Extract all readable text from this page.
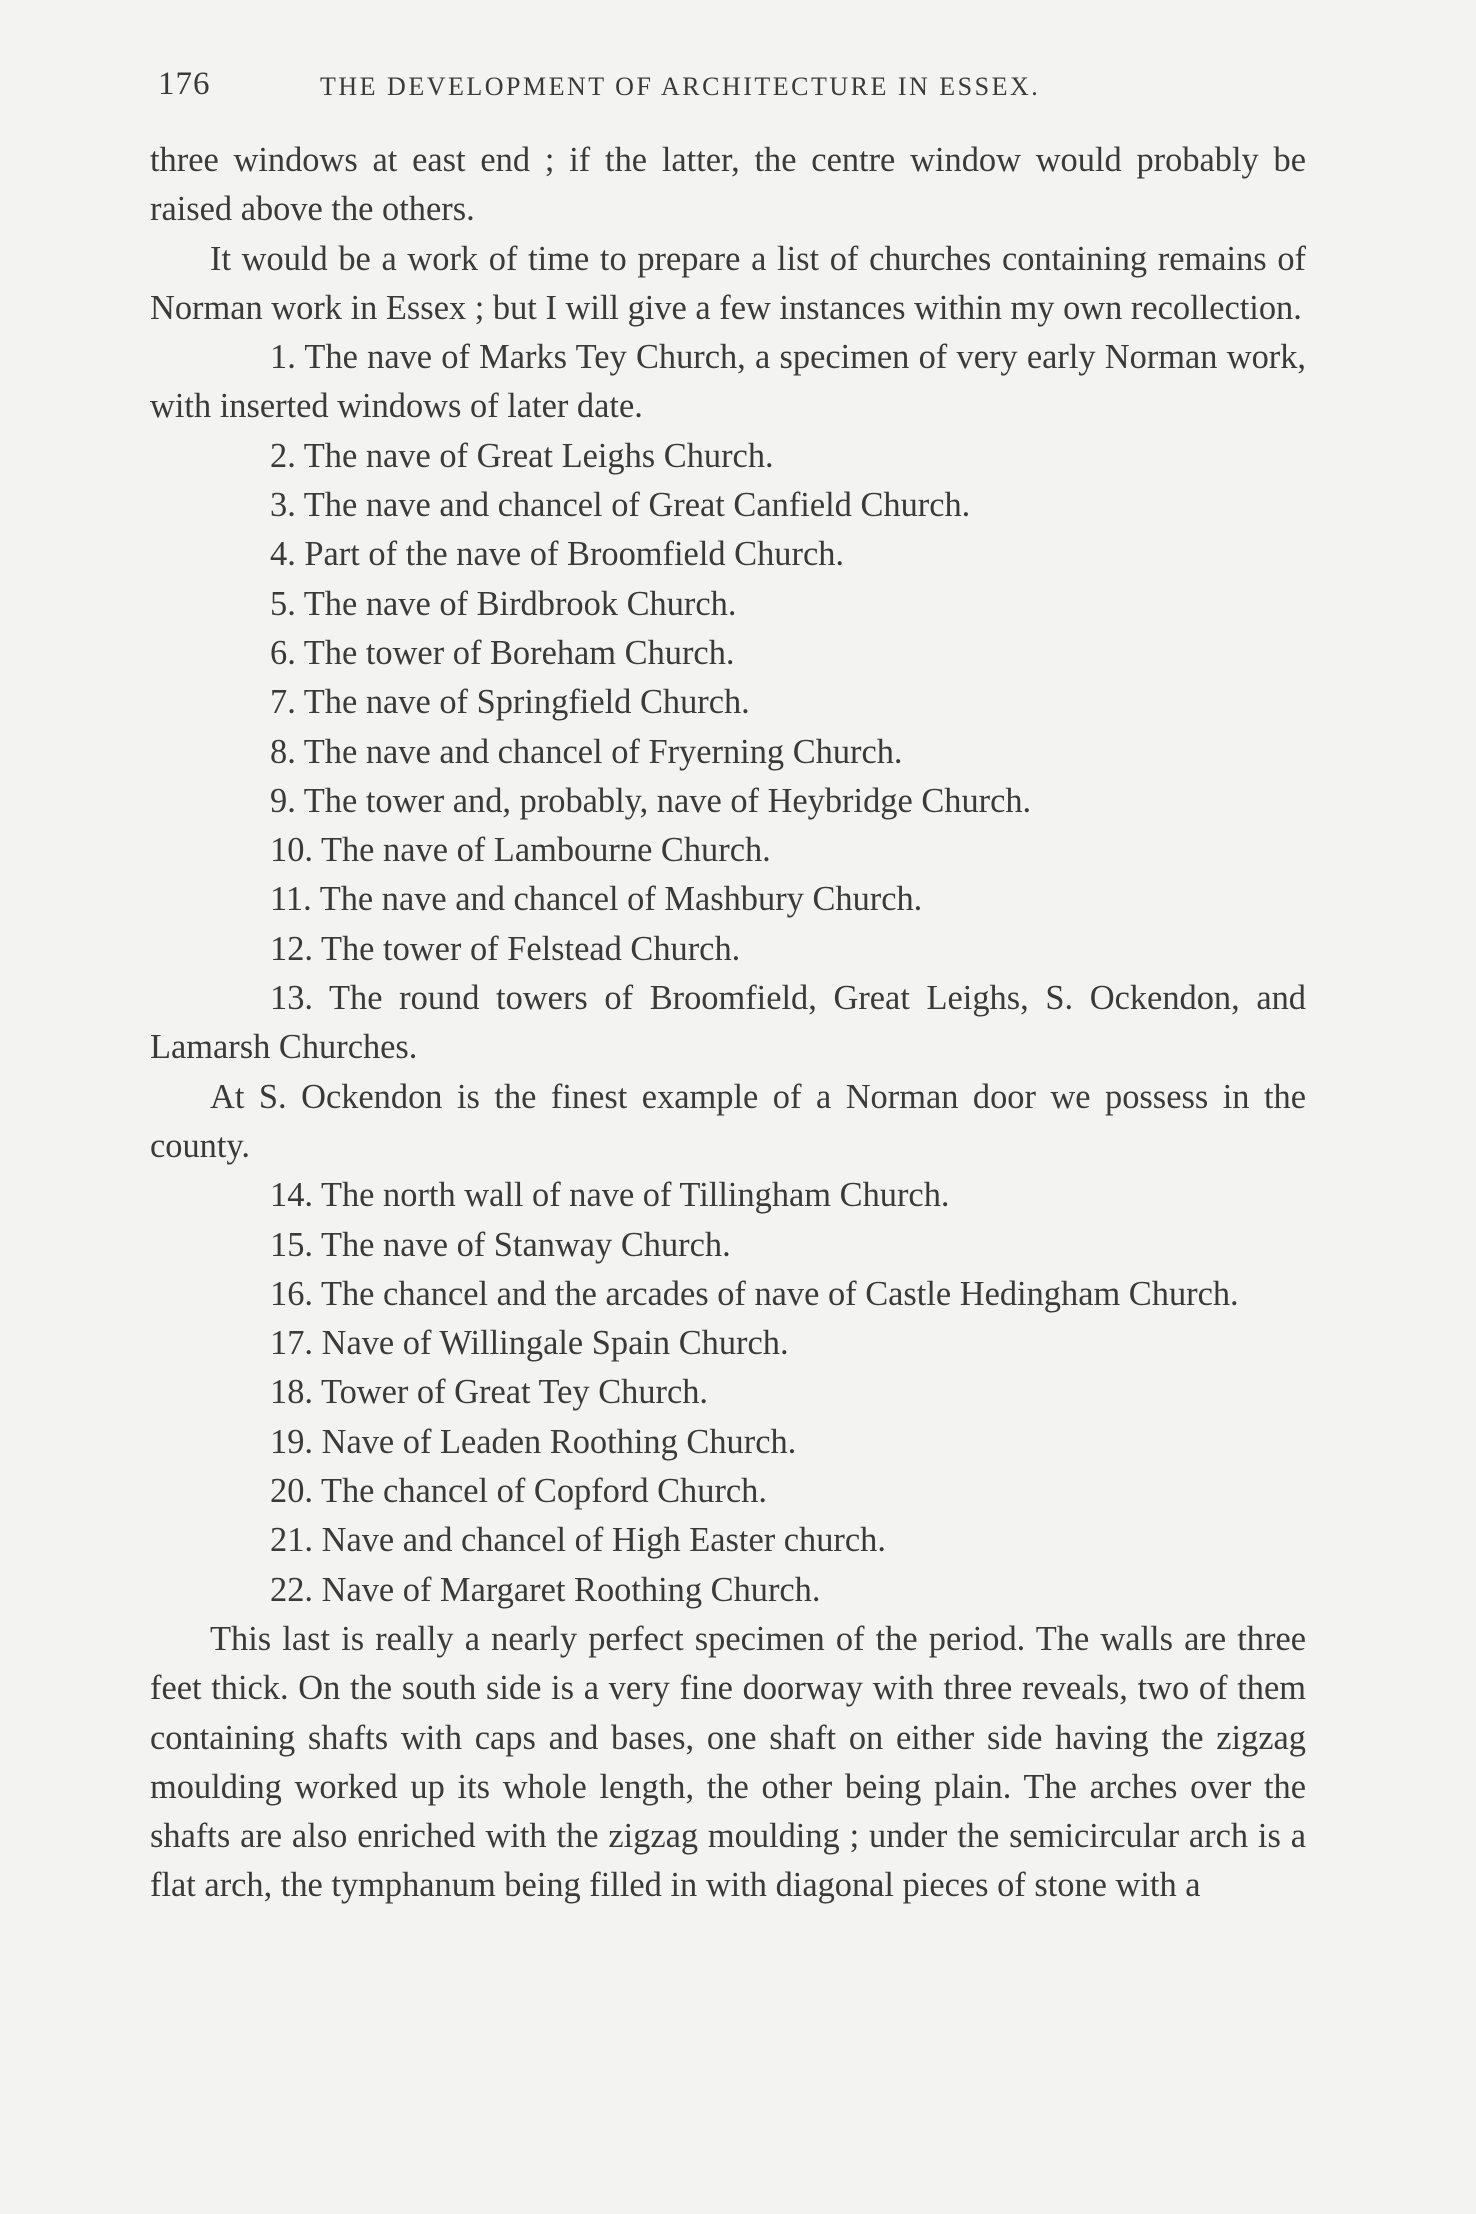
176	THE DEVELOPMENT OF ARCHITECTURE IN ESSEX.

three windows at east end ; if the latter, the centre window would probably be raised above the others.

It would be a work of time to prepare a list of churches containing remains of Norman work in Essex ; but I will give a few instances within my own recollection.

1. The nave of Marks Tey Church, a specimen of very early Norman work, with inserted windows of later date.

2. The nave of Great Leighs Church.

3. The nave and chancel of Great Canfield Church.

4. Part of the nave of Broomfield Church.

5. The nave of Birdbrook Church.

6. The tower of Boreham Church.

7. The nave of Springfield Church.

8. The nave and chancel of Fryerning Church.

9. The tower and, probably, nave of Heybridge Church.

10. The nave of Lambourne Church.

11. The nave and chancel of Mashbury Church.

12. The tower of Felstead Church.

13. The round towers of Broomfield, Great Leighs, S. Ockendon, and Lamarsh Churches.

At S. Ockendon is the finest example of a Norman door we possess in the county.

14. The north wall of nave of Tillingham Church.

15. The nave of Stanway Church.

16. The chancel and the arcades of nave of Castle Hedingham Church.

17. Nave of Willingale Spain Church.

18. Tower of Great Tey Church.

19. Nave of Leaden Roothing Church.

20. The chancel of Copford Church.

21. Nave and chancel of High Easter church.

22. Nave of Margaret Roothing Church.

This last is really a nearly perfect specimen of the period. The walls are three feet thick. On the south side is a very fine doorway with three reveals, two of them containing shafts with caps and bases, one shaft on either side having the zigzag moulding worked up its whole length, the other being plain. The arches over the shafts are also enriched with the zigzag moulding ; under the semicircular arch is a flat arch, the tymphanum being filled in with diagonal pieces of stone with a
